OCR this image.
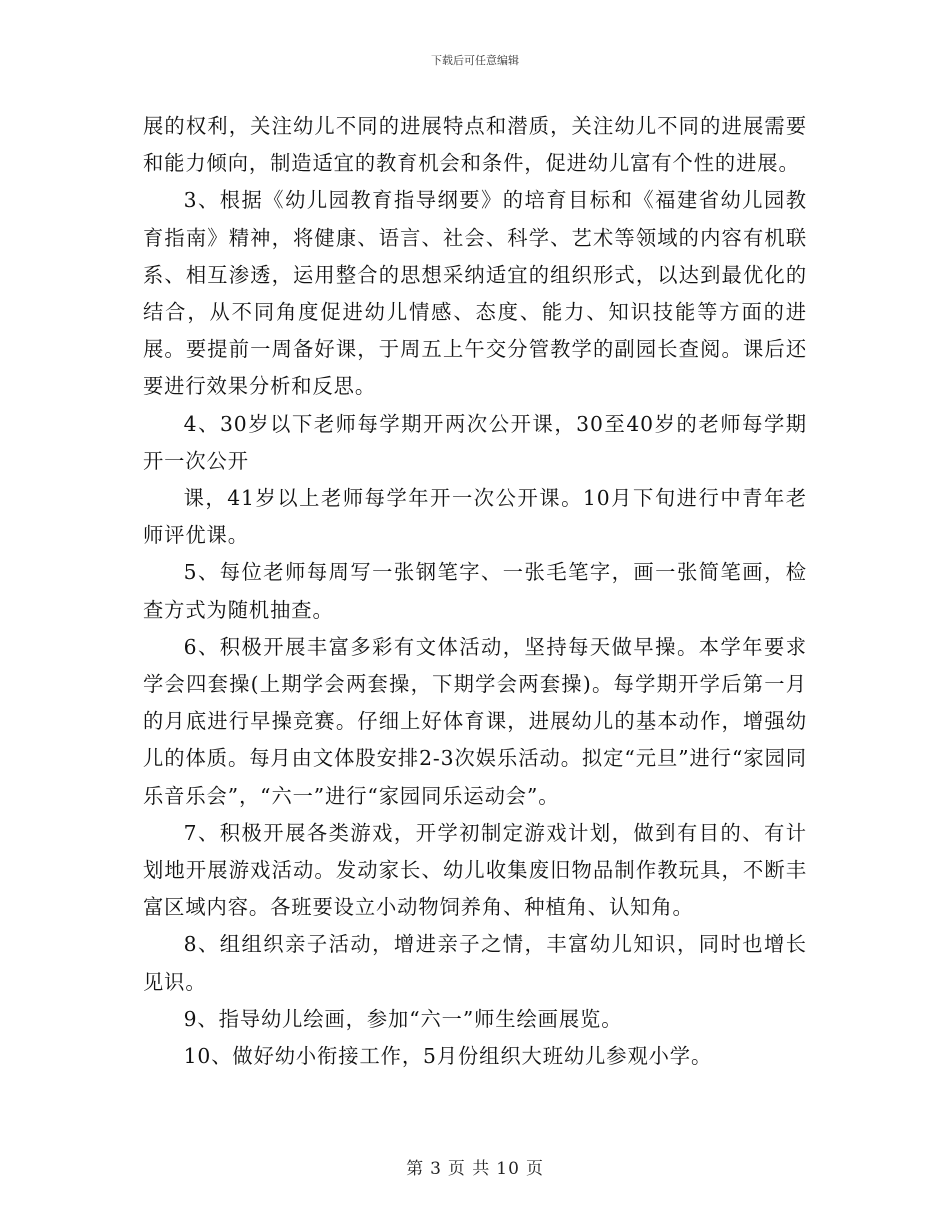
下载后可任意编辑

展的权利，关注幼儿不同的进展特点和潜质，关注幼儿不同的进展需要和能力倾向，制造适宜的教育机会和条件，促进幼儿富有个性的进展。

3、根据《幼儿园教育指导纲要》的培育目标和《福建省幼儿园教育指南》精神，将健康、语言、社会、科学、艺术等领域的内容有机联系、相互渗透，运用整合的思想采纳适宜的组织形式，以达到最优化的结合，从不同角度促进幼儿情感、态度、能力、知识技能等方面的进展。要提前一周备好课，于周五上午交分管教学的副园长查阅。课后还要进行效果分析和反思。

4、30岁以下老师每学期开两次公开课，30至40岁的老师每学期开一次公开

课，41岁以上老师每学年开一次公开课。10月下旬进行中青年老师评优课。

5、每位老师每周写一张钢笔字、一张毛笔字，画一张简笔画，检查方式为随机抽查。

6、积极开展丰富多彩有文体活动，坚持每天做早操。本学年要求学会四套操(上期学会两套操，下期学会两套操)。每学期开学后第一月的月底进行早操竞赛。仔细上好体育课，进展幼儿的基本动作，增强幼儿的体质。每月由文体股安排2-3次娱乐活动。拟定“元旦”进行“家园同乐音乐会”，“六一”进行“家园同乐运动会”。

7、积极开展各类游戏，开学初制定游戏计划，做到有目的、有计划地开展游戏活动。发动家长、幼儿收集废旧物品制作教玩具，不断丰富区域内容。各班要设立小动物饲养角、种植角、认知角。

8、组组织亲子活动，增进亲子之情，丰富幼儿知识，同时也增长见识。

9、指导幼儿绘画，参加“六一”师生绘画展览。

10、做好幼小衔接工作，5月份组织大班幼儿参观小学。

第 3 页 共 10 页
